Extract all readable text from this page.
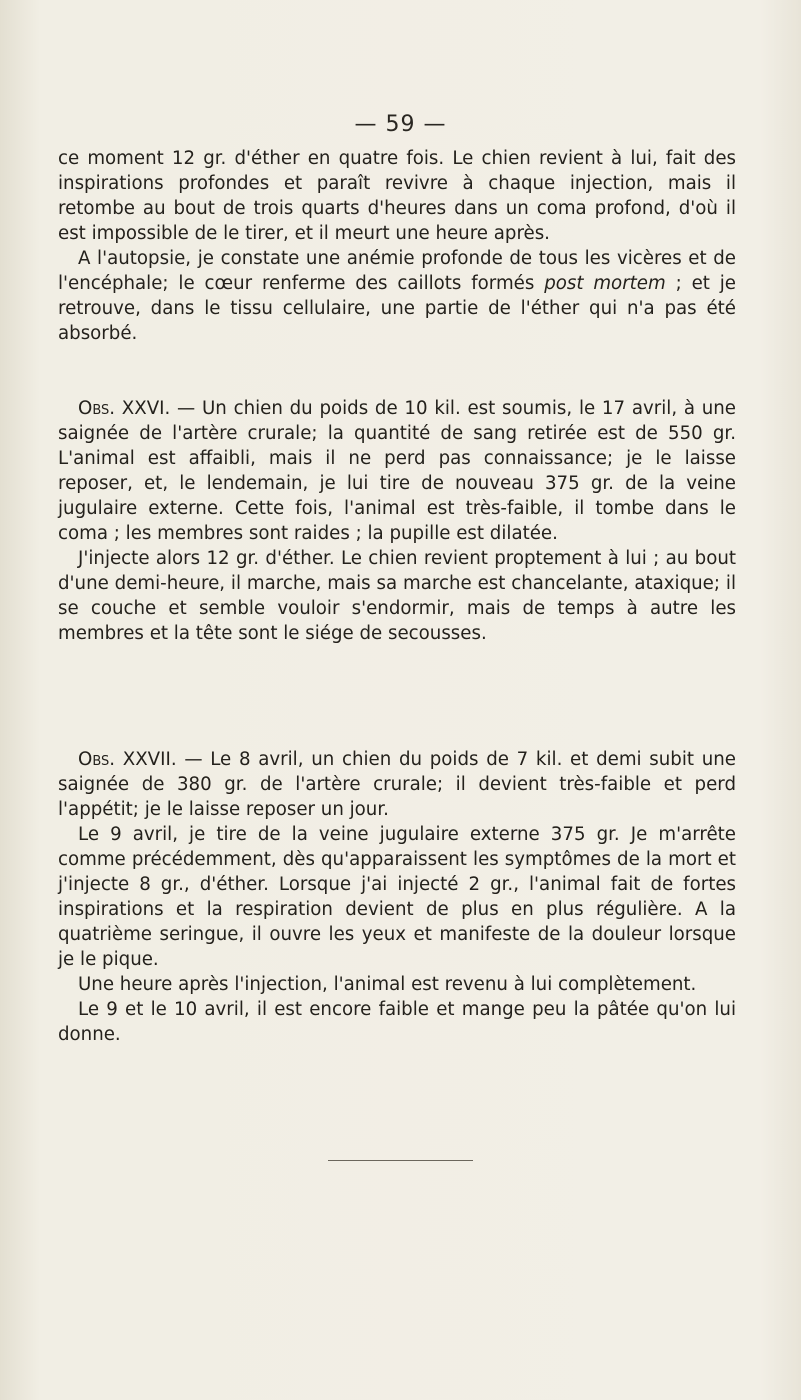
— 59 —

ce moment 12 gr. d'éther en quatre fois. Le chien revient à lui, fait des inspirations profondes et paraît revivre à chaque injection, mais il retombe au bout de trois quarts d'heures dans un coma profond, d'où il est impossible de le tirer, et il meurt une heure après.

A l'autopsie, je constate une anémie profonde de tous les vicères et de l'encéphale; le cœur renferme des caillots formés post mortem ; et je retrouve, dans le tissu cellulaire, une partie de l'éther qui n'a pas été absorbé.

Obs. XXVI. — Un chien du poids de 10 kil. est soumis, le 17 avril, à une saignée de l'artère crurale; la quantité de sang retirée est de 550 gr. L'animal est affaibli, mais il ne perd pas connaissance; je le laisse reposer, et, le lendemain, je lui tire de nouveau 375 gr. de la veine jugulaire externe. Cette fois, l'animal est très-faible, il tombe dans le coma ; les membres sont raides ; la pupille est dilatée.

J'injecte alors 12 gr. d'éther. Le chien revient proptement à lui ; au bout d'une demi-heure, il marche, mais sa marche est chancelante, ataxique; il se couche et semble vouloir s'endormir, mais de temps à autre les membres et la tête sont le siége de secousses.

Obs. XXVII. — Le 8 avril, un chien du poids de 7 kil. et demi subit une saignée de 380 gr. de l'artère crurale; il devient très-faible et perd l'appétit; je le laisse reposer un jour.

Le 9 avril, je tire de la veine jugulaire externe 375 gr. Je m'arrête comme précédemment, dès qu'apparaissent les symptômes de la mort et j'injecte 8 gr., d'éther. Lorsque j'ai injecté 2 gr., l'animal fait de fortes inspirations et la respiration devient de plus en plus régulière. A la quatrième seringue, il ouvre les yeux et manifeste de la douleur lorsque je le pique.

Une heure après l'injection, l'animal est revenu à lui complètement.

Le 9 et le 10 avril, il est encore faible et mange peu la pâtée qu'on lui donne.
